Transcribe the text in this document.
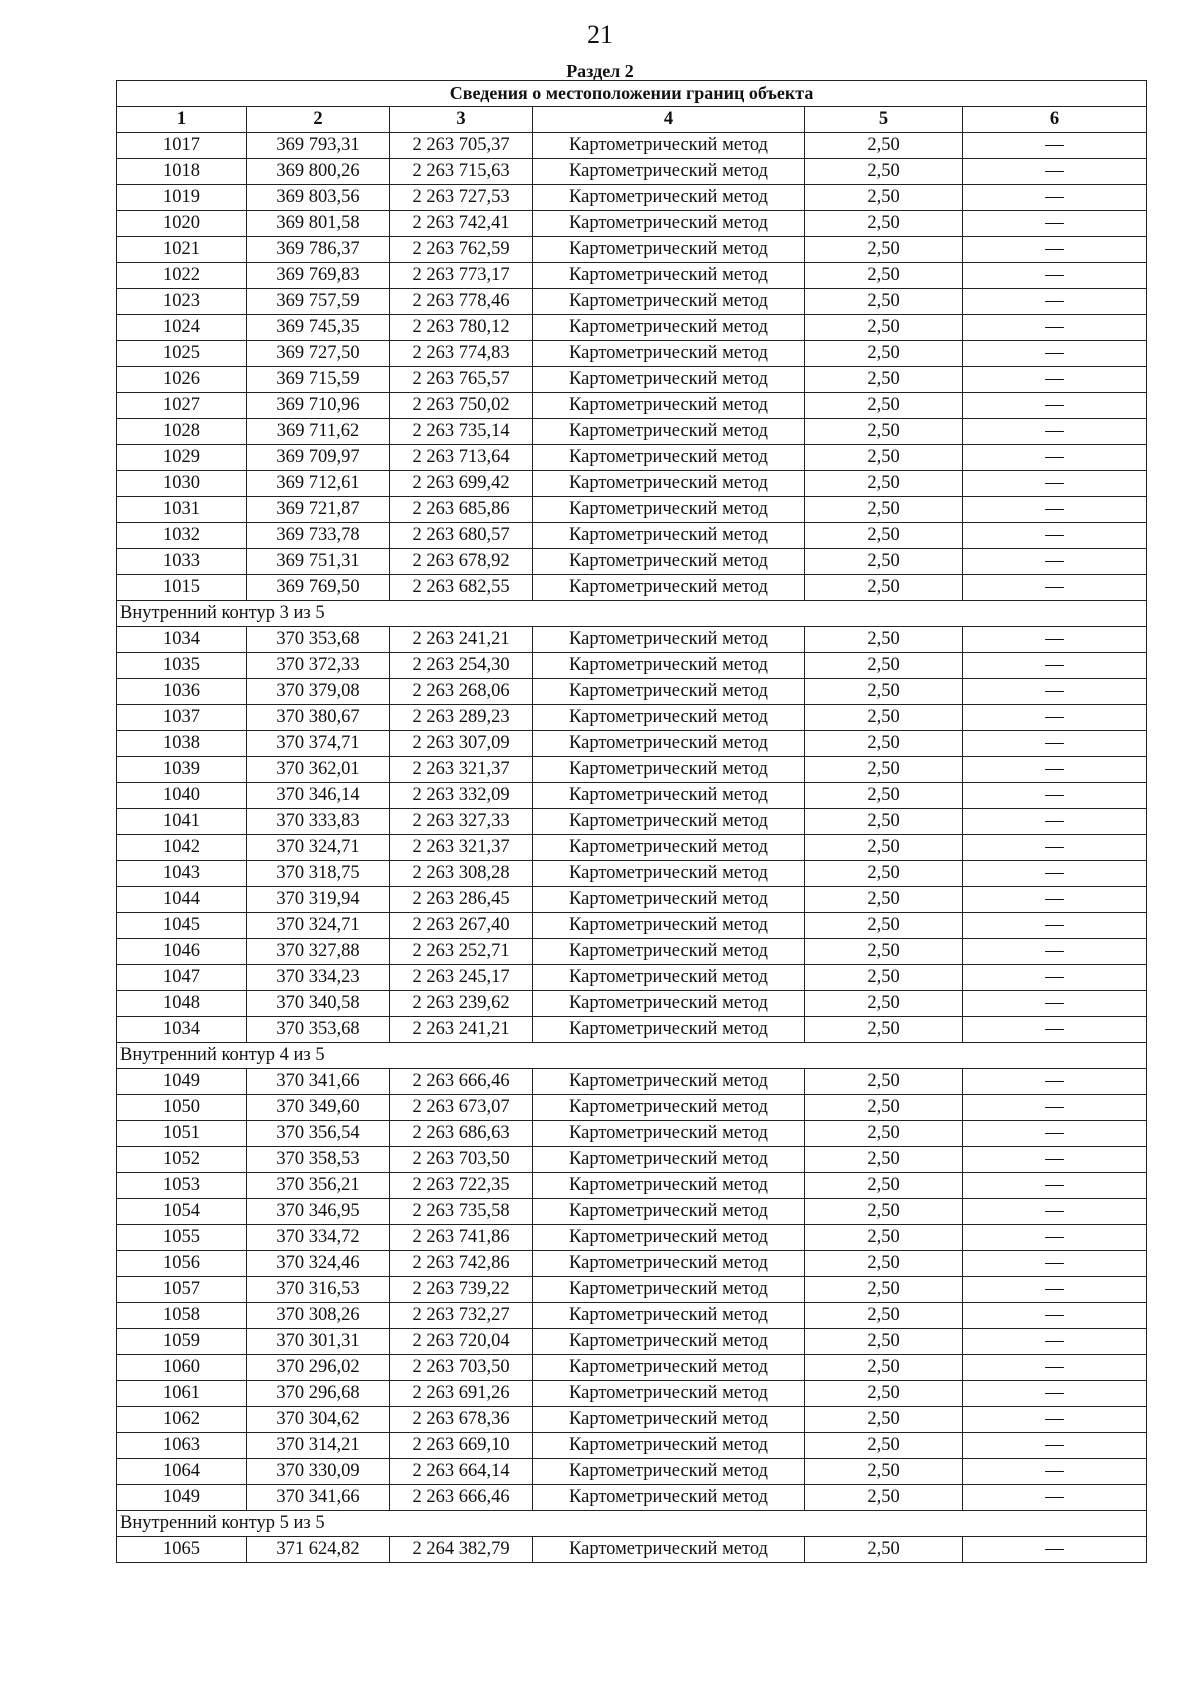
21
Раздел 2
Сведения о местоположении границ объекта					
1	2	3	4	5	6
1017	369 793,31	2 263 705,37	Картометрический метод	2,50	—
1018	369 800,26	2 263 715,63	Картометрический метод	2,50	—
1019	369 803,56	2 263 727,53	Картометрический метод	2,50	—
1020	369 801,58	2 263 742,41	Картометрический метод	2,50	—
1021	369 786,37	2 263 762,59	Картометрический метод	2,50	—
1022	369 769,83	2 263 773,17	Картометрический метод	2,50	—
1023	369 757,59	2 263 778,46	Картометрический метод	2,50	—
1024	369 745,35	2 263 780,12	Картометрический метод	2,50	—
1025	369 727,50	2 263 774,83	Картометрический метод	2,50	—
1026	369 715,59	2 263 765,57	Картометрический метод	2,50	—
1027	369 710,96	2 263 750,02	Картометрический метод	2,50	—
1028	369 711,62	2 263 735,14	Картометрический метод	2,50	—
1029	369 709,97	2 263 713,64	Картометрический метод	2,50	—
1030	369 712,61	2 263 699,42	Картометрический метод	2,50	—
1031	369 721,87	2 263 685,86	Картометрический метод	2,50	—
1032	369 733,78	2 263 680,57	Картометрический метод	2,50	—
1033	369 751,31	2 263 678,92	Картометрический метод	2,50	—
1015	369 769,50	2 263 682,55	Картометрический метод	2,50	—
Внутренний контур 3 из 5					
1034	370 353,68	2 263 241,21	Картометрический метод	2,50	—
1035	370 372,33	2 263 254,30	Картометрический метод	2,50	—
1036	370 379,08	2 263 268,06	Картометрический метод	2,50	—
1037	370 380,67	2 263 289,23	Картометрический метод	2,50	—
1038	370 374,71	2 263 307,09	Картометрический метод	2,50	—
1039	370 362,01	2 263 321,37	Картометрический метод	2,50	—
1040	370 346,14	2 263 332,09	Картометрический метод	2,50	—
1041	370 333,83	2 263 327,33	Картометрический метод	2,50	—
1042	370 324,71	2 263 321,37	Картометрический метод	2,50	—
1043	370 318,75	2 263 308,28	Картометрический метод	2,50	—
1044	370 319,94	2 263 286,45	Картометрический метод	2,50	—
1045	370 324,71	2 263 267,40	Картометрический метод	2,50	—
1046	370 327,88	2 263 252,71	Картометрический метод	2,50	—
1047	370 334,23	2 263 245,17	Картометрический метод	2,50	—
1048	370 340,58	2 263 239,62	Картометрический метод	2,50	—
1034	370 353,68	2 263 241,21	Картометрический метод	2,50	—
Внутренний контур 4 из 5					
1049	370 341,66	2 263 666,46	Картометрический метод	2,50	—
1050	370 349,60	2 263 673,07	Картометрический метод	2,50	—
1051	370 356,54	2 263 686,63	Картометрический метод	2,50	—
1052	370 358,53	2 263 703,50	Картометрический метод	2,50	—
1053	370 356,21	2 263 722,35	Картометрический метод	2,50	—
1054	370 346,95	2 263 735,58	Картометрический метод	2,50	—
1055	370 334,72	2 263 741,86	Картометрический метод	2,50	—
1056	370 324,46	2 263 742,86	Картометрический метод	2,50	—
1057	370 316,53	2 263 739,22	Картометрический метод	2,50	—
1058	370 308,26	2 263 732,27	Картометрический метод	2,50	—
1059	370 301,31	2 263 720,04	Картометрический метод	2,50	—
1060	370 296,02	2 263 703,50	Картометрический метод	2,50	—
1061	370 296,68	2 263 691,26	Картометрический метод	2,50	—
1062	370 304,62	2 263 678,36	Картометрический метод	2,50	—
1063	370 314,21	2 263 669,10	Картометрический метод	2,50	—
1064	370 330,09	2 263 664,14	Картометрический метод	2,50	—
1049	370 341,66	2 263 666,46	Картометрический метод	2,50	—
Внутренний контур 5 из 5					
1065	371 624,82	2 264 382,79	Картометрический метод	2,50	—
